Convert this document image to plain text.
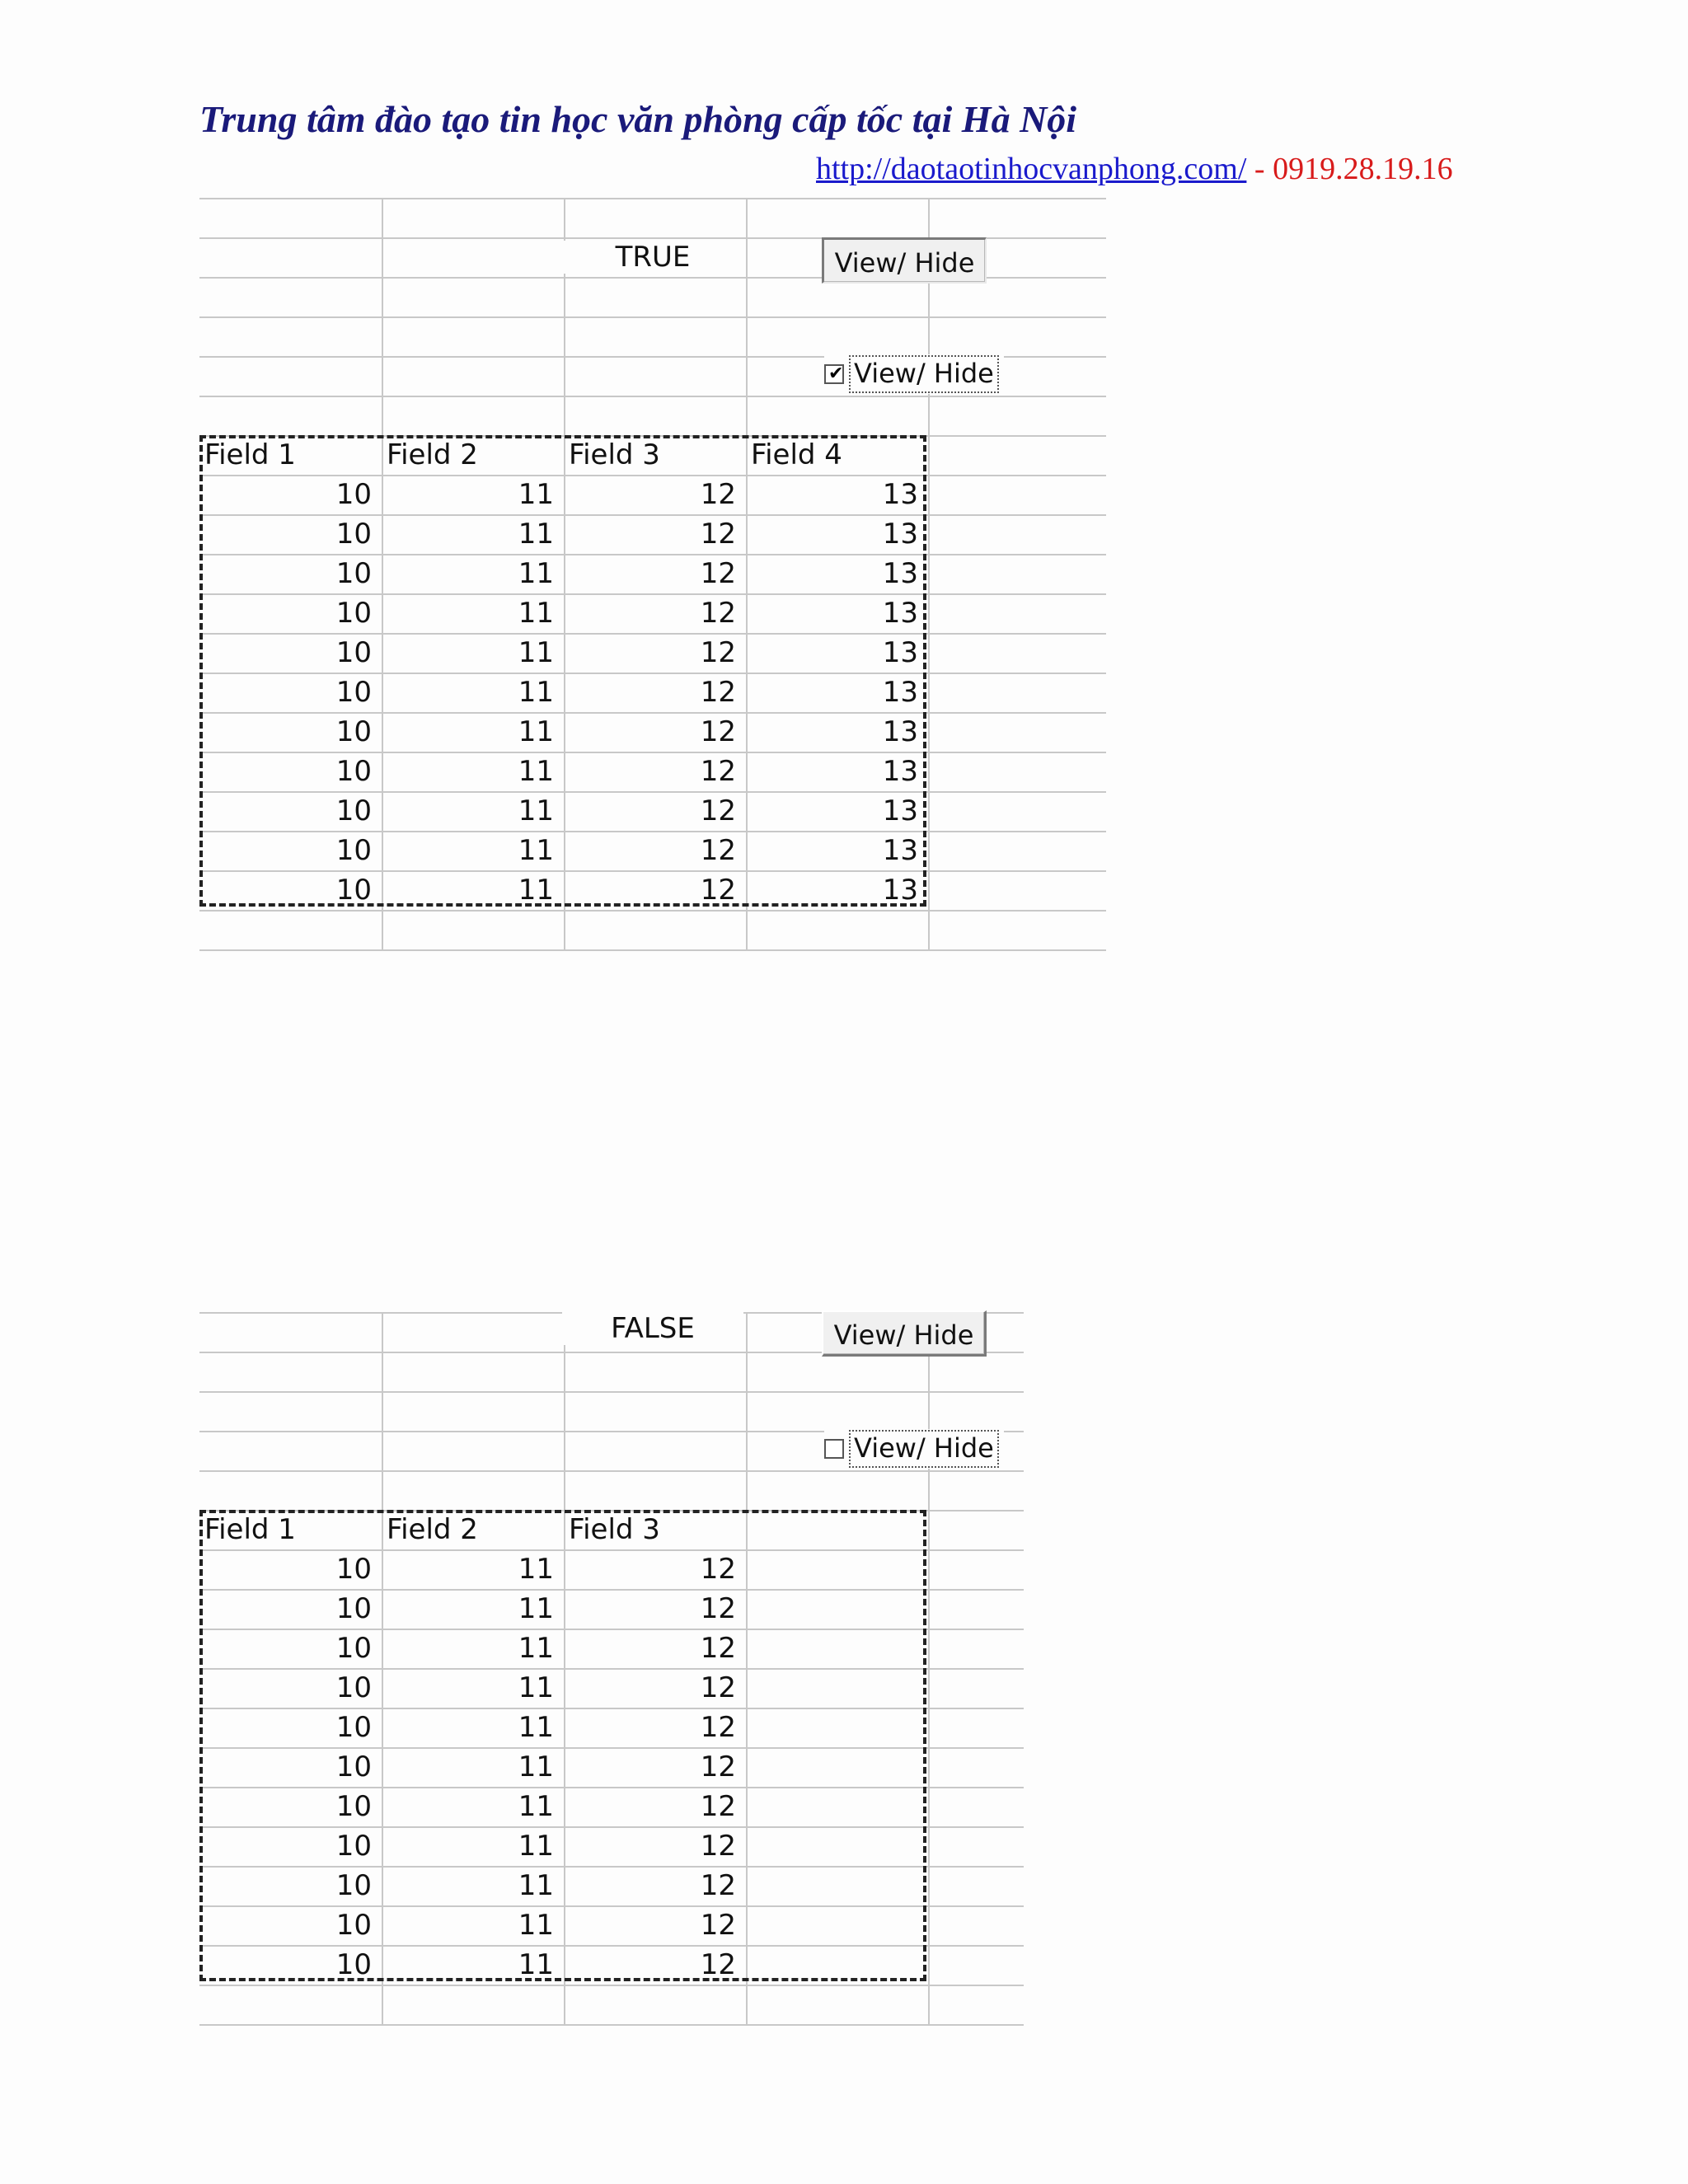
Trung tâm đào tạo tin học văn phòng cấp tốc tại Hà Nội
http://daotaotinhocvanphong.com/ - 0919.28.19.16
TRUE	View/ Hide
✔ View/ Hide
Field 1	Field 2	Field 3	Field 4
10	11	12	13
10	11	12	13
10	11	12	13
10	11	12	13
10	11	12	13
10	11	12	13
10	11	12	13
10	11	12	13
10	11	12	13
10	11	12	13
10	11	12	13
FALSE	View/ Hide
View/ Hide
Field 1	Field 2	Field 3
10	11	12
10	11	12
10	11	12
10	11	12
10	11	12
10	11	12
10	11	12
10	11	12
10	11	12
10	11	12
10	11	12
